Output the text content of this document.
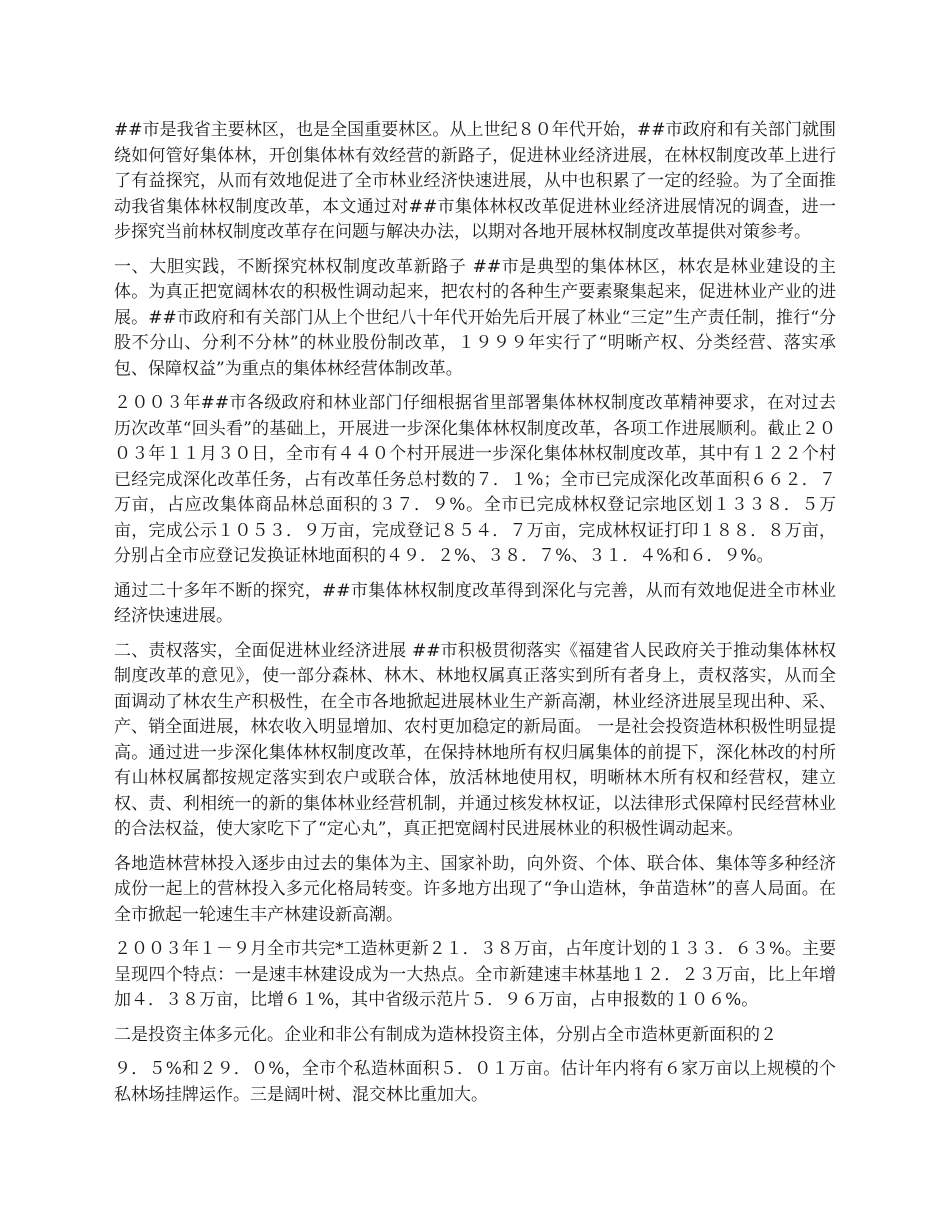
##市是我省主要林区，也是全国重要林区。从上世纪８０年代开始，##市政府和有关部门就围绕如何管好集体林，开创集体林有效经营的新路子，促进林业经济进展，在林权制度改革上进行了有益探究，从而有效地促进了全市林业经济快速进展，从中也积累了一定的经验。为了全面推动我省集体林权制度改革，本文通过对##市集体林权改革促进林业经济进展情况的调查，进一步探究当前林权制度改革存在问题与解决办法，以期对各地开展林权制度改革提供对策参考。

一、大胆实践，不断探究林权制度改革新路子 ##市是典型的集体林区，林农是林业建设的主体。为真正把宽阔林农的积极性调动起来，把农村的各种生产要素聚集起来，促进林业产业的进展。##市政府和有关部门从上个世纪八十年代开始先后开展了林业“三定”生产责任制，推行“分股不分山、分利不分林”的林业股份制改革，１９９９年实行了“明晰产权、分类经营、落实承包、保障权益”为重点的集体林经营体制改革。

２００３年##市各级政府和林业部门仔细根据省里部署集体林权制度改革精神要求，在对过去历次改革“回头看”的基础上，开展进一步深化集体林权制度改革，各项工作进展顺利。截止２００３年１１月３０日，全市有４４０个村开展进一步深化集体林权制度改革，其中有１２２个村已经完成深化改革任务，占有改革任务总村数的７．１%；全市已完成深化改革面积６６２．７万亩，占应改集体商品林总面积的３７．９%。全市已完成林权登记宗地区划１３３８．５万亩，完成公示１０５３．９万亩，完成登记８５４．７万亩，完成林权证打印１８８．８万亩，分别占全市应登记发换证林地面积的４９．２%、３８．７%、３１．４%和６．９%。

通过二十多年不断的探究，##市集体林权制度改革得到深化与完善，从而有效地促进全市林业经济快速进展。

二、责权落实，全面促进林业经济进展 ##市积极贯彻落实《福建省人民政府关于推动集体林权制度改革的意见》，使一部分森林、林木、林地权属真正落实到所有者身上，责权落实，从而全面调动了林农生产积极性，在全市各地掀起进展林业生产新高潮，林业经济进展呈现出种、采、产、销全面进展，林农收入明显增加、农村更加稳定的新局面。 一是社会投资造林积极性明显提高。通过进一步深化集体林权制度改革，在保持林地所有权归属集体的前提下，深化林改的村所有山林权属都按规定落实到农户或联合体，放活林地使用权，明晰林木所有权和经营权，建立权、责、利相统一的新的集体林业经营机制，并通过核发林权证，以法律形式保障村民经营林业的合法权益，使大家吃下了“定心丸”，真正把宽阔村民进展林业的积极性调动起来。

各地造林营林投入逐步由过去的集体为主、国家补助，向外资、个体、联合体、集体等多种经济成份一起上的营林投入多元化格局转变。许多地方出现了“争山造林，争苗造林”的喜人局面。在全市掀起一轮速生丰产林建设新高潮。

２００３年１－９月全市共完*工造林更新２１．３８万亩，占年度计划的１３３．６３%。主要呈现四个特点：一是速丰林建设成为一大热点。全市新建速丰林基地１２．２３万亩，比上年增加４．３８万亩，比增６１%，其中省级示范片５．９６万亩，占申报数的１０６%。

二是投资主体多元化。企业和非公有制成为造林投资主体，分别占全市造林更新面积的２

９．５%和２９．０%，全市个私造林面积５．０１万亩。估计年内将有６家万亩以上规模的个私林场挂牌运作。三是阔叶树、混交林比重加大。
